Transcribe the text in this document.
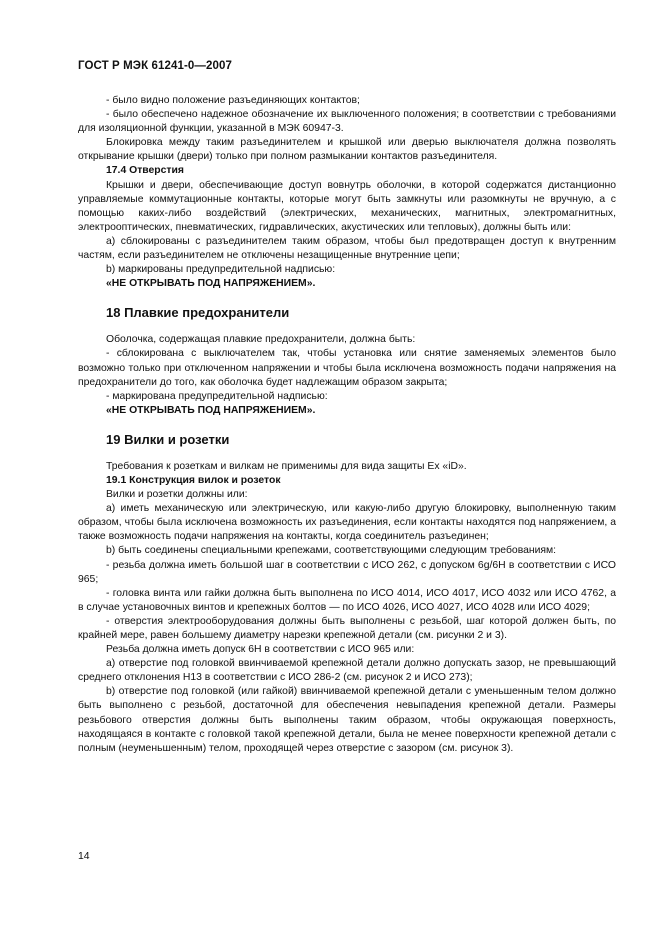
ГОСТ Р МЭК 61241-0—2007

- было видно положение разъединяющих контактов;

- было обеспечено надежное обозначение их выключенного положения; в соответствии с требованиями для изоляционной функции, указанной в МЭК 60947-3.

Блокировка между таким разъединителем и крышкой или дверью выключателя должна позволять открывание крышки (двери) только при полном размыкании контактов разъединителя.

17.4 Отверстия

Крышки и двери, обеспечивающие доступ вовнутрь оболочки, в которой содержатся дистанционно управляемые коммутационные контакты, которые могут быть замкнуты или разомкнуты не вручную, а с помощью каких-либо воздействий (электрических, механических, магнитных, электромагнитных, электрооптических, пневматических, гидравлических, акустических или тепловых), должны быть или:

a) сблокированы с разъединителем таким образом, чтобы был предотвращен доступ к внутренним частям, если разъединителем не отключены незащищенные внутренние цепи;

b) маркированы предупредительной надписью:

«НЕ ОТКРЫВАТЬ ПОД НАПРЯЖЕНИЕМ».

18 Плавкие предохранители

Оболочка, содержащая плавкие предохранители, должна быть:

- сблокирована с выключателем так, чтобы установка или снятие заменяемых элементов было возможно только при отключенном напряжении и чтобы была исключена возможность подачи напряжения на предохранители до того, как оболочка будет надлежащим образом закрыта;

- маркирована предупредительной надписью:

«НЕ ОТКРЫВАТЬ ПОД НАПРЯЖЕНИЕМ».

19 Вилки и розетки

Требования к розеткам и вилкам не применимы для вида защиты Ex «iD».

19.1 Конструкция вилок и розеток

Вилки и розетки должны или:

a) иметь механическую или электрическую, или какую-либо другую блокировку, выполненную таким образом, чтобы была исключена возможность их разъединения, если контакты находятся под напряжением, а также возможность подачи напряжения на контакты, когда соединитель разъединен;

b) быть соединены специальными крепежами, соответствующими следующим требованиям:

- резьба должна иметь большой шаг в соответствии с ИСО 262, с допуском 6g/6H в соответствии с ИСО 965;

- головка винта или гайки должна быть выполнена по ИСО 4014, ИСО 4017, ИСО 4032 или ИСО 4762, а в случае установочных винтов и крепежных болтов — по ИСО 4026, ИСО 4027, ИСО 4028 или ИСО 4029;

- отверстия электрооборудования должны быть выполнены с резьбой, шаг которой должен быть, по крайней мере, равен большему диаметру нарезки крепежной детали (см. рисунки 2 и 3).

Резьба должна иметь допуск 6H в соответствии с ИСО 965 или:

a) отверстие под головкой ввинчиваемой крепежной детали должно допускать зазор, не превышающий среднего отклонения H13 в соответствии с ИСО 286-2 (см. рисунок 2 и ИСО 273);

b) отверстие под головкой (или гайкой) ввинчиваемой крепежной детали с уменьшенным телом должно быть выполнено с резьбой, достаточной для обеспечения невыпадения крепежной детали. Размеры резьбового отверстия должны быть выполнены таким образом, чтобы окружающая поверхность, находящаяся в контакте с головкой такой крепежной детали, была не менее поверхности крепежной детали с полным (неуменьшенным) телом, проходящей через отверстие с зазором (см. рисунок 3).

14
